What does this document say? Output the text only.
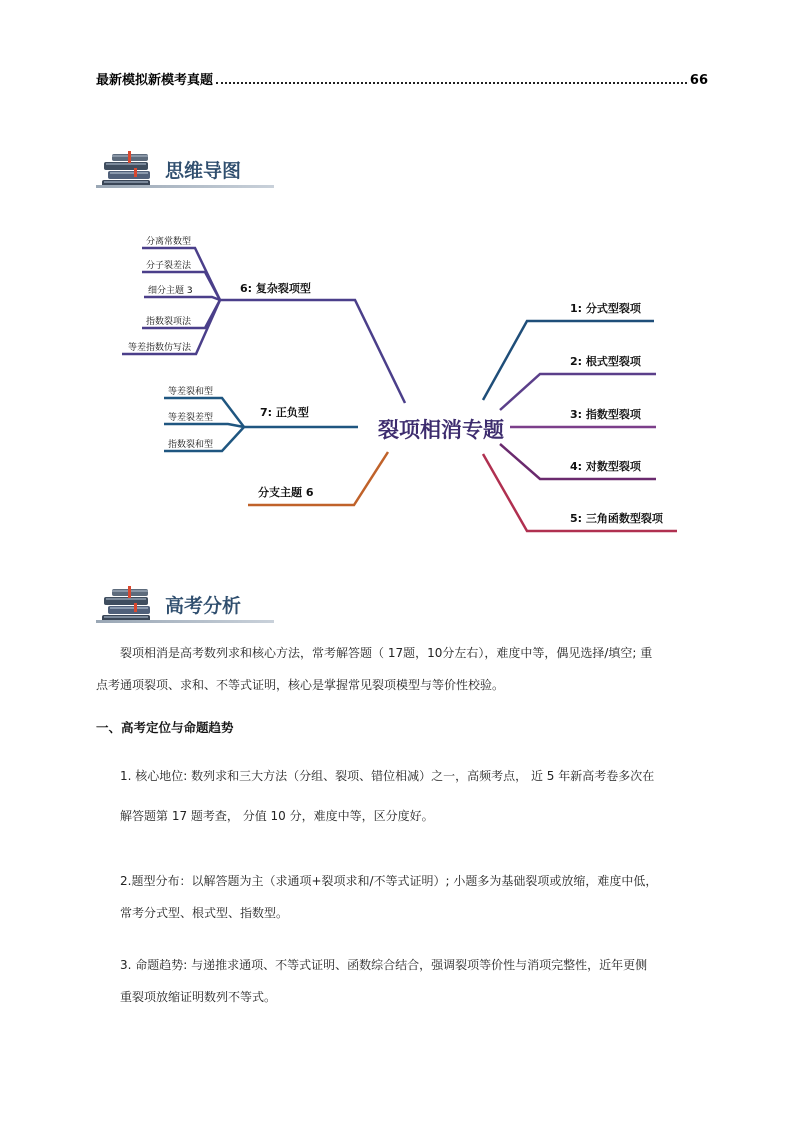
最新模拟新模考真题	66
思维导图
裂项相消专题
1: 分式型裂项
2: 根式型裂项
3: 指数型裂项
4: 对数型裂项
5: 三角函数型裂项
6: 复杂裂项型
分离常数型
分子裂差法
细分主题 3
指数裂项法
等差指数仿写法
7: 正负型
等差裂和型
等差裂差型
指数裂和型
分支主题 6
高考分析
裂项相消是高考数列求和核心方法，常考解答题（ 17题，10分左右），难度中等，偶见选择/填空; 重
点考通项裂项、求和、不等式证明，核心是掌握常见裂项模型与等价性校验。
一、高考定位与命题趋势
1. 核心地位: 数列求和三大方法（分组、裂项、错位相减）之一，高频考点， 近 5 年新高考卷多次在
解答题第 17 题考查， 分值 10 分，难度中等，区分度好。
2.题型分布：以解答题为主（求通项+裂项求和/不等式证明）; 小题多为基础裂项或放缩，难度中低，
常考分式型、根式型、指数型。
3. 命题趋势: 与递推求通项、不等式证明、函数综合结合，强调裂项等价性与消项完整性，近年更侧
重裂项放缩证明数列不等式。
